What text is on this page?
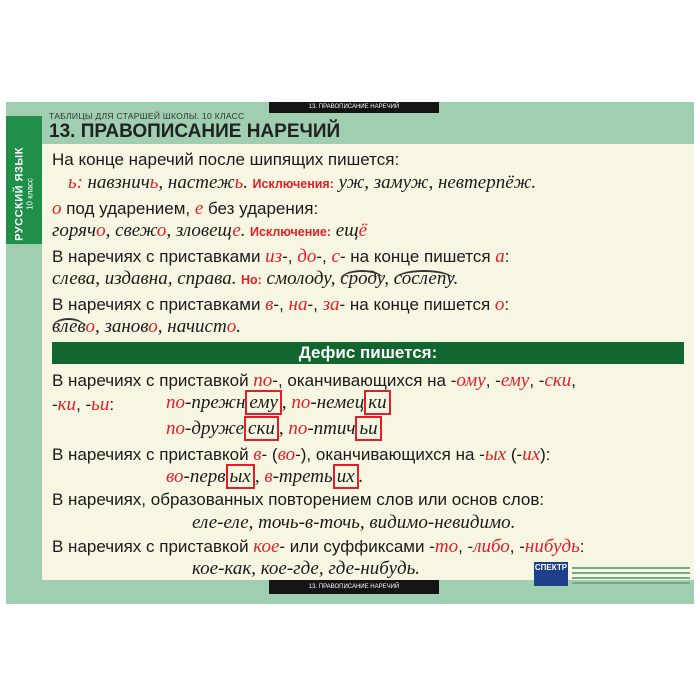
РУССКИЙ ЯЗЫК 10 класс
13. ПРАВОПИСАНИЕ НАРЕЧИЙ
ТАБЛИЦЫ ДЛЯ СТАРШЕЙ ШКОЛЫ. 10 КЛАСС
13. ПРАВОПИСАНИЕ НАРЕЧИЙ
На конце наречий после шипящих пишется:
ь: навзничь, настежь. Исключения: уж, замуж, невтерпёж.
о под ударением, е без ударения:
горячо, свежо, зловеще. Исключение: ещё
В наречиях с приставками из-, до-, с- на конце пишется а:
слева, издавна, справа. Но: смолоду, сроду, сослепу.
В наречиях с приставками в-, на-, за- на конце пишется о:
влево, заново, начисто.
Дефис пишется:
В наречиях с приставкой по-, оканчивающихся на -ому, -ему, -ски,
-ки, -ьи:	по-прежн ему , по-немец ки
по-друже ски , по-птич ьи
В наречиях с приставкой в- (во-), оканчивающихся на -ых (-их):
во-перв ых , в-треть их .
В наречиях, образованных повторением слов или основ слов:
еле-еле, точь-в-точь, видимо-невидимо.
В наречиях с приставкой кое- или суффиксами -то, -либо, -нибудь:
кое-как, кое-где, где-нибудь.
13. ПРАВОПИСАНИЕ НАРЕЧИЙ
СПЕКТР
